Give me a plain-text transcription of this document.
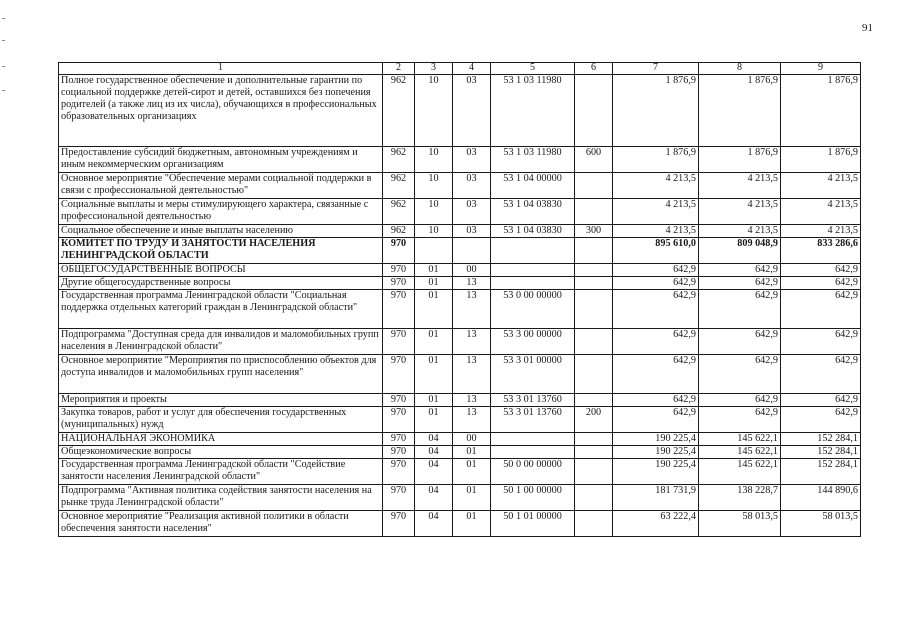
91
1	2	3	4	5	6	7	8	9
Полное государственное обеспечение и дополнительные гарантии по социальной поддержке детей-сирот и детей, оставшихся без попечения родителей (а также лиц из их числа), обучающихся в профессиональных образовательных организациях	962	10	03	53 1 03 11980		1 876,9	1 876,9	1 876,9
Предоставление субсидий бюджетным, автономным учреждениям и иным некоммерческим организациям	962	10	03	53 1 03 11980	600	1 876,9	1 876,9	1 876,9
Основное мероприятие "Обеспечение мерами социальной поддержки в связи с профессиональной деятельностью"	962	10	03	53 1 04 00000		4 213,5	4 213,5	4 213,5
Социальные выплаты и меры стимулирующего характера, связанные с профессиональной деятельностью	962	10	03	53 1 04 03830		4 213,5	4 213,5	4 213,5
Социальное обеспечение и иные выплаты населению	962	10	03	53 1 04 03830	300	4 213,5	4 213,5	4 213,5
КОМИТЕТ ПО ТРУДУ И ЗАНЯТОСТИ НАСЕЛЕНИЯ ЛЕНИНГРАДСКОЙ ОБЛАСТИ	970					895 610,0	809 048,9	833 286,6
ОБЩЕГОСУДАРСТВЕННЫЕ ВОПРОСЫ	970	01	00			642,9	642,9	642,9
Другие общегосударственные вопросы	970	01	13			642,9	642,9	642,9
Государственная программа Ленинградской области "Социальная поддержка отдельных категорий граждан в Ленинградской области"	970	01	13	53 0 00 00000		642,9	642,9	642,9
Подпрограмма "Доступная среда для инвалидов и маломобильных групп населения в Ленинградской области"	970	01	13	53 3 00 00000		642,9	642,9	642,9
Основное мероприятие "Мероприятия по приспособлению объектов для доступа инвалидов и маломобильных групп населения"	970	01	13	53 3 01 00000		642,9	642,9	642,9
Мероприятия и проекты	970	01	13	53 3 01 13760		642,9	642,9	642,9
Закупка товаров, работ и услуг для обеспечения государственных (муниципальных) нужд	970	01	13	53 3 01 13760	200	642,9	642,9	642,9
НАЦИОНАЛЬНАЯ ЭКОНОМИКА	970	04	00			190 225,4	145 622,1	152 284,1
Общеэкономические вопросы	970	04	01			190 225,4	145 622,1	152 284,1
Государственная программа Ленинградской области "Содействие занятости населения Ленинградской области"	970	04	01	50 0 00 00000		190 225,4	145 622,1	152 284,1
Подпрограмма "Активная политика содействия занятости населения на рынке труда Ленинградской области"	970	04	01	50 1 00 00000		181 731,9	138 228,7	144 890,6
Основное мероприятие "Реализация активной политики в области обеспечения занятости населения"	970	04	01	50 1 01 00000		63 222,4	58 013,5	58 013,5
